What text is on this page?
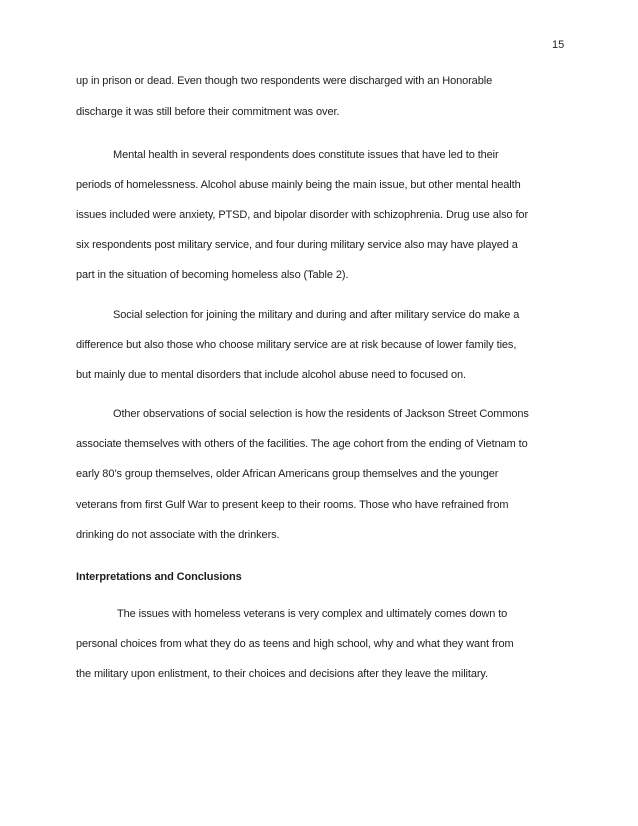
15
up in prison or dead. Even though two respondents were discharged with an Honorable
discharge it was still before their commitment was over.
Mental health in several respondents does constitute issues that have led to their
periods of homelessness. Alcohol abuse mainly being the main issue, but other mental health
issues included were anxiety, PTSD, and bipolar disorder with schizophrenia. Drug use also for
six respondents post military service, and four during military service also may have played a
part in the situation of becoming homeless also (Table 2).
Social selection for joining the military and during and after military service do make a
difference but also those who choose military service are at risk because of lower family ties,
but mainly due to mental disorders that include alcohol abuse need to focused on.
Other observations of social selection is how the residents of Jackson Street Commons
associate themselves with others of the facilities. The age cohort from the ending of Vietnam to
early 80’s group themselves, older African Americans group themselves and the younger
veterans from first Gulf War to present keep to their rooms. Those who have refrained from
drinking do not associate with the drinkers.
Interpretations and Conclusions
The issues with homeless veterans is very complex and ultimately comes down to
personal choices from what they do as teens and high school, why and what they want from
the military upon enlistment, to their choices and decisions after they leave the military.
